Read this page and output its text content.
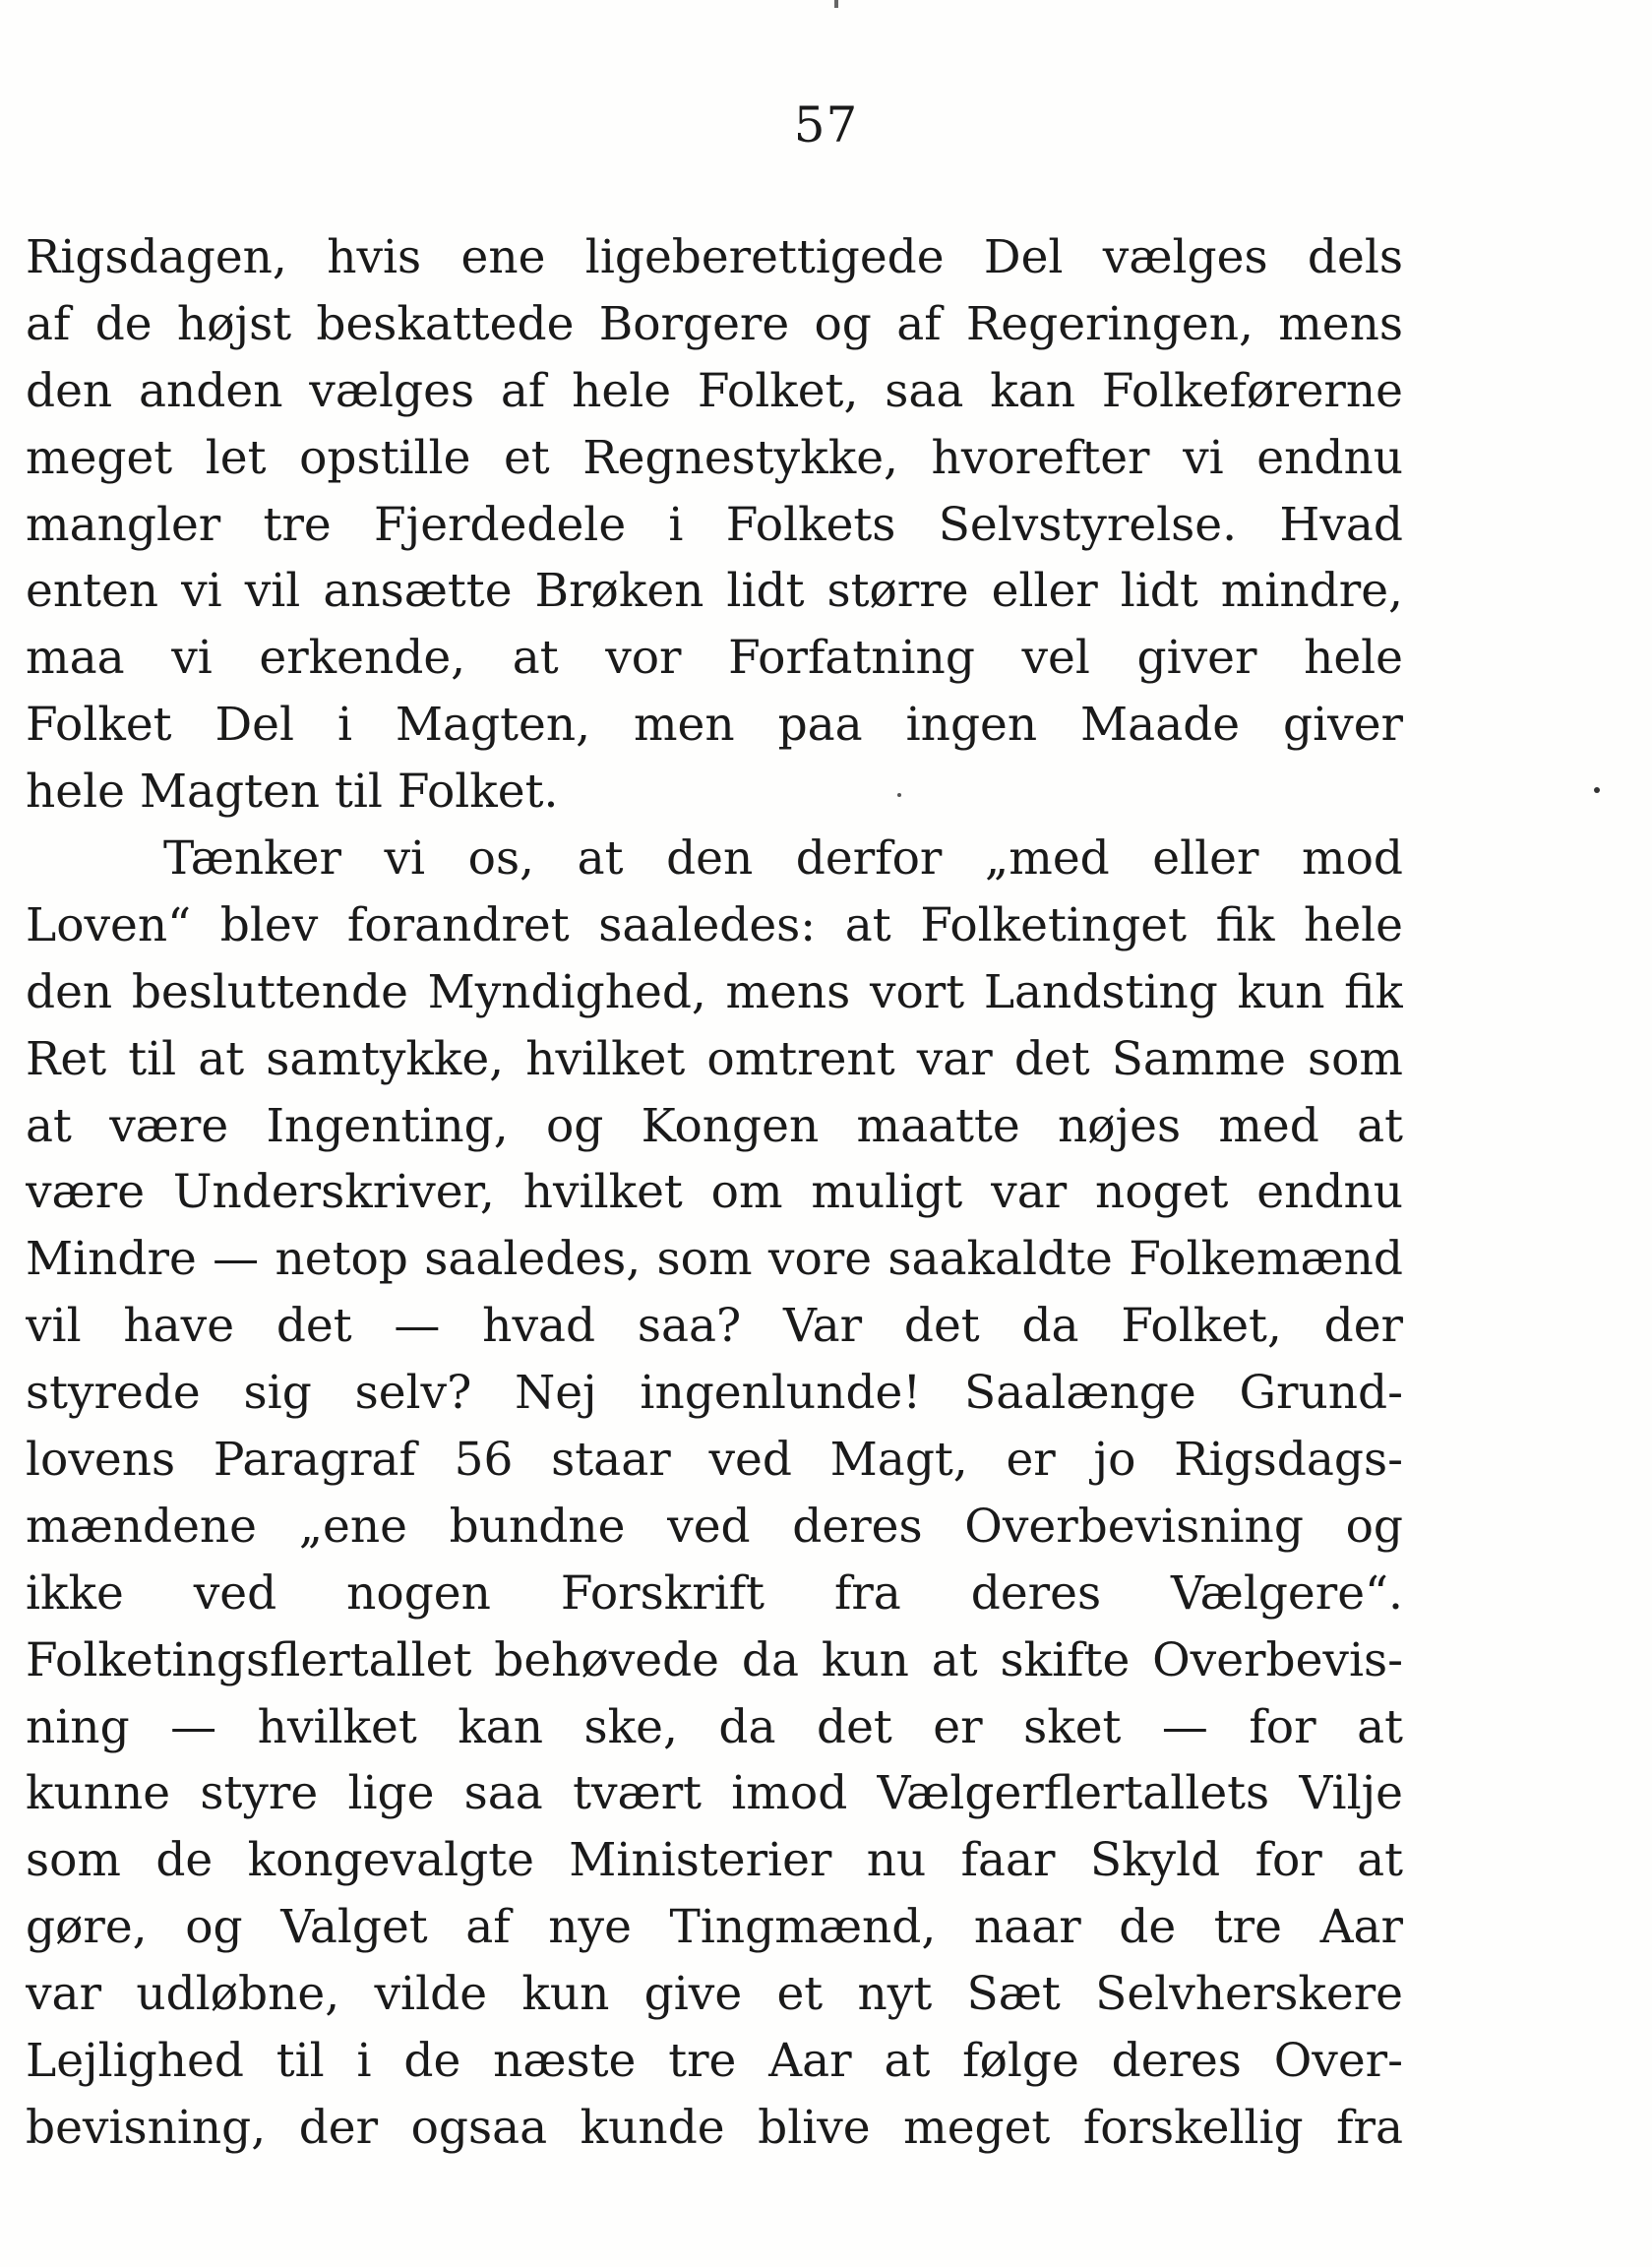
57
Rigsdagen, hvis ene ligeberettigede Del vælges dels
af de højst beskattede Borgere og af Regeringen, mens
den anden vælges af hele Folket, saa kan Folkeførerne
meget let opstille et Regnestykke, hvorefter vi endnu
mangler tre Fjerdedele i Folkets Selvstyrelse. Hvad
enten vi vil ansætte Brøken lidt større eller lidt mindre,
maa vi erkende, at vor Forfatning vel giver hele
Folket Del i Magten, men paa ingen Maade giver
hele Magten til Folket.
Tænker vi os, at den derfor „med eller mod
Loven“ blev forandret saaledes: at Folketinget fik hele
den besluttende Myndighed, mens vort Landsting kun fik
Ret til at samtykke, hvilket omtrent var det Samme som
at være Ingenting, og Kongen maatte nøjes med at
være Underskriver, hvilket om muligt var noget endnu
Mindre — netop saaledes, som vore saakaldte Folkemænd
vil have det — hvad saa? Var det da Folket, der
styrede sig selv? Nej ingenlunde! Saalænge Grund-
lovens Paragraf 56 staar ved Magt, er jo Rigsdags-
mændene „ene bundne ved deres Overbevisning og
ikke ved nogen Forskrift fra deres Vælgere“.
Folketingsflertallet behøvede da kun at skifte Overbevis-
ning — hvilket kan ske, da det er sket — for at
kunne styre lige saa tvært imod Vælgerflertallets Vilje
som de kongevalgte Ministerier nu faar Skyld for at
gøre, og Valget af nye Tingmænd, naar de tre Aar
var udløbne, vilde kun give et nyt Sæt Selvherskere
Lejlighed til i de næste tre Aar at følge deres Over-
bevisning, der ogsaa kunde blive meget forskellig fra
